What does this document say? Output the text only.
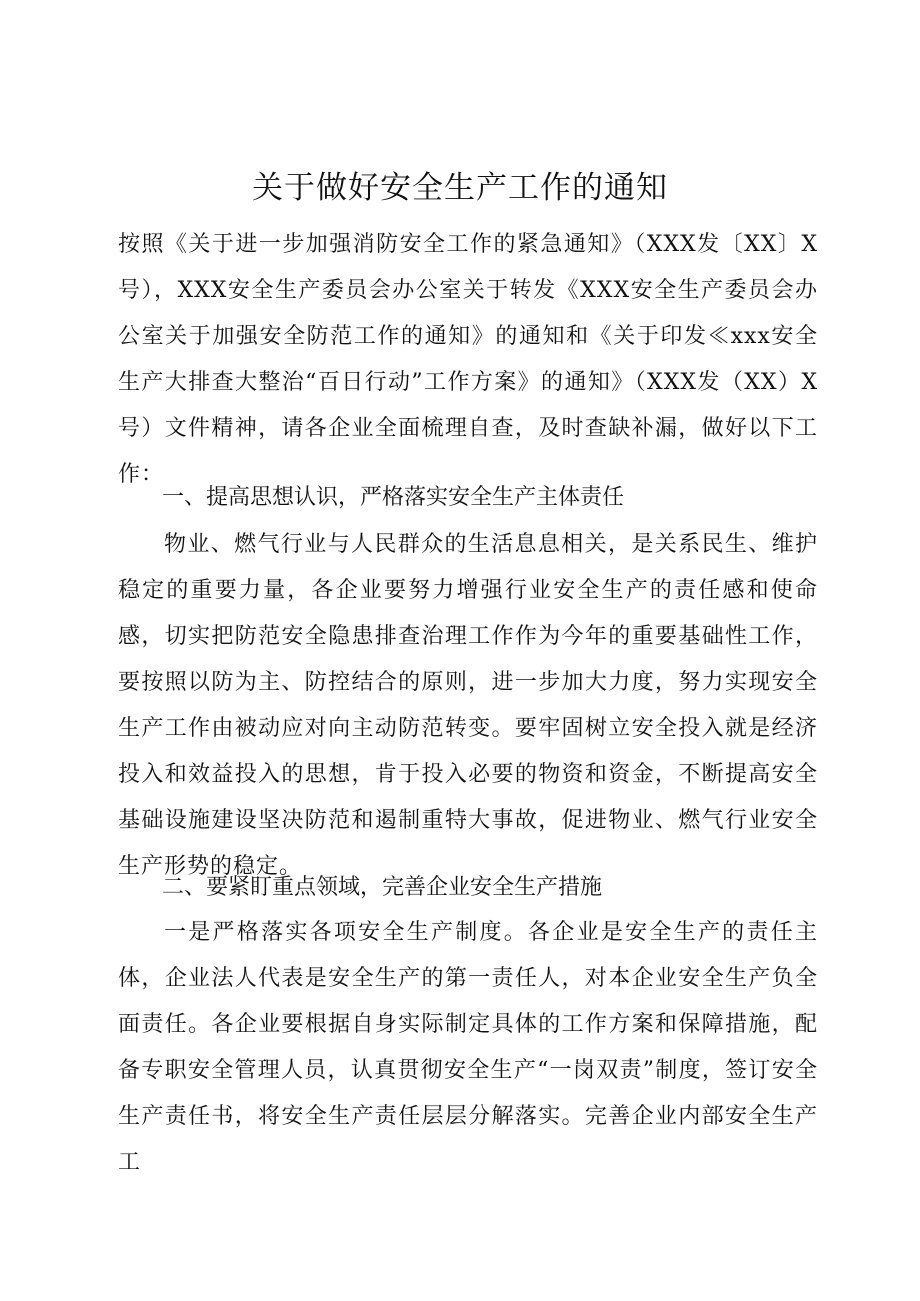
关于做好安全生产工作的通知

按照《关于进一步加强消防安全工作的紧急通知》（XXX发〔XX〕X号），XXX安全生产委员会办公室关于转发《XXX安全生产委员会办公室关于加强安全防范工作的通知》的通知和《关于印发≪xxx安全生产大排查大整治“百日行动”工作方案》的通知》（XXX发（XX）X号）文件精神，请各企业全面梳理自查，及时查缺补漏，做好以下工作：

一、提高思想认识，严格落实安全生产主体责任

物业、燃气行业与人民群众的生活息息相关，是关系民生、维护稳定的重要力量，各企业要努力增强行业安全生产的责任感和使命感，切实把防范安全隐患排查治理工作作为今年的重要基础性工作，要按照以防为主、防控结合的原则，进一步加大力度，努力实现安全生产工作由被动应对向主动防范转变。要牢固树立安全投入就是经济投入和效益投入的思想，肯于投入必要的物资和资金，不断提高安全基础设施建设坚决防范和遏制重特大事故，促进物业、燃气行业安全生产形势的稳定。

二、要紧盯重点领域，完善企业安全生产措施

一是严格落实各项安全生产制度。各企业是安全生产的责任主体，企业法人代表是安全生产的第一责任人，对本企业安全生产负全面责任。各企业要根据自身实际制定具体的工作方案和保障措施，配备专职安全管理人员，认真贯彻安全生产“一岗双责”制度，签订安全生产责任书，将安全生产责任层层分解落实。完善企业内部安全生产工
